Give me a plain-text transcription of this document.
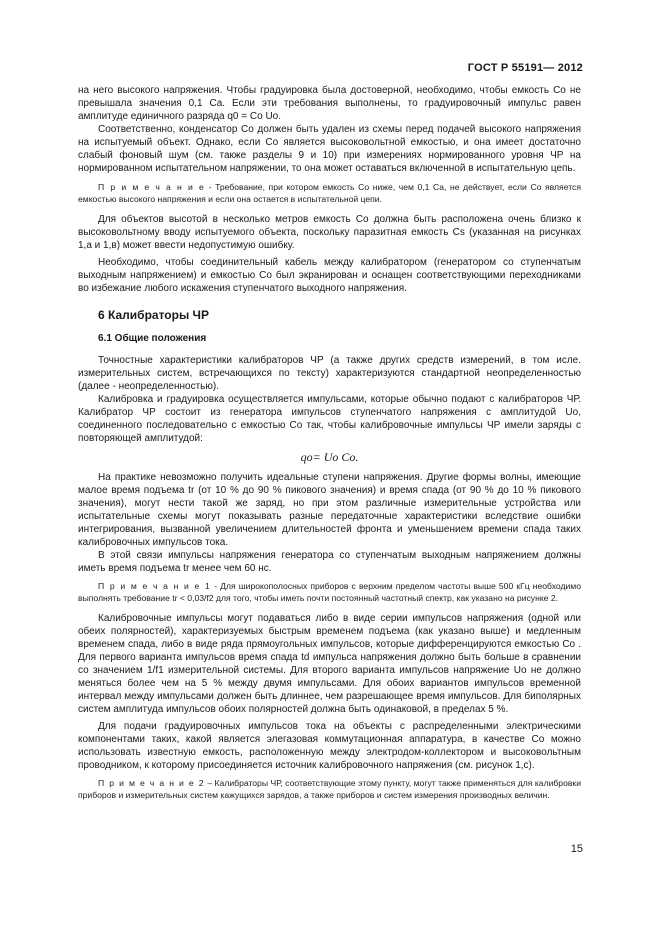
ГОСТ Р 55191— 2012

на него высокого напряжения. Чтобы градуировка была достоверной, необходимо, чтобы емкость Cо не превышала значения 0,1 Cа. Если эти требования выполнены, то градуировочный импульс равен амплитуде единичного разряда q0 = Cо Uо.

Соответственно, конденсатор Cо должен быть удален из схемы перед подачей высокого напряжения на испытуемый объект. Однако, если Cо является высоковольтной емкостью, и она имеет достаточно слабый фоновый шум (см. также разделы 9 и 10) при измерениях нормированного уровня ЧР на нормированном испытательном напряжении, то она может оставаться включенной в испытательную цепь.

П р и м е ч а н и е - Требование, при котором емкость Co ниже, чем 0,1 Ca, не действует, если Co является емкостью высокого напряжения и если она остается в испытательной цепи.

Для объектов высотой в несколько метров емкость Cо должна быть расположена очень близко к высоковольтному вводу испытуемого объекта, поскольку паразитная емкость Cs (указанная на рисунках 1,а и 1,в) может ввести недопустимую ошибку.

Необходимо, чтобы соединительный кабель между калибратором (генератором со ступенчатым выходным напряжением) и емкостью Cо был экранирован и оснащен соответствующими переходниками во избежание любого искажения ступенчатого выходного напряжения.

6 Калибраторы ЧР
6.1 Общие положения

Точностные характеристики калибраторов ЧР (а также других средств измерений, в том исле. измерительных систем, встречающихся по тексту) характеризуются стандартной неопределенностью (далее - неопределенностью).

Калибровка и градуировка осуществляется импульсами, которые обычно подают с калибраторов ЧР. Калибратор ЧР состоит из генератора импульсов ступенчатого напряжения с амплитудой Uо, соединенного последовательно с емкостью Cо так, чтобы калибровочные импульсы ЧР имели заряды с повторяющей амплитудой:

qо= Uо Cо.

На практике невозможно получить идеальные ступени напряжения. Другие формы волны, имеющие малое время подъема tr (от 10 % до 90 % пикового значения) и время спада (от 90 % до 10 % пикового значения), могут нести такой же заряд, но при этом различные измерительные устройства или испытательные схемы могут показывать разные передаточные характеристики вследствие ошибки интегрирования, вызванной увеличением длительностей фронта и уменьшением времени спада таких калибровочных импульсов тока.

В этой связи импульсы напряжения генератора со ступенчатым выходным напряжением должны иметь время подъема tr менее чем 60 нс.

П р и м е ч а н и е 1 - Для широкополосных приборов с верхним пределом частоты выше 500 кГц необходимо выполнять требование tr < 0,03/f2 для того, чтобы иметь почти постоянный частотный спектр, как указано на рисунке 2.

Калибровочные импульсы могут подаваться либо в виде серии импульсов напряжения (одной или обеих полярностей), характеризуемых быстрым временем подъема (как указано выше) и медленным временем спада, либо в виде ряда прямоугольных импульсов, которые дифференцируются емкостью Cо . Для первого варианта импульсов время спада td импульса напряжения должно быть больше в сравнении со значением 1/f1 измерительной системы. Для второго варианта импульсов напряжение Uо не должно меняться более чем на 5 % между двумя импульсами. Для обоих вариантов импульсов временной интервал между импульсами должен быть длиннее, чем разрешающее время импульсов. Для биполярных систем амплитуда импульсов обоих полярностей должна быть одинаковой, в пределах 5 %.

Для подачи градуировочных импульсов тока на объекты с распределенными электрическими компонентами таких, какой является элегазовая коммутационная аппаратура, в качестве Cо можно использовать известную емкость, расположенную между электродом-коллектором и высоковольтным проводником, к которому присоединяется источник калибровочного напряжения (см. рисунок 1,c).

П р и м е ч а н и е 2 – Калибраторы ЧР, соответствующие этому пункту, могут также применяться для калибровки приборов и измерительных систем кажущихся зарядов, а также приборов и систем измерения производных величин.

15
